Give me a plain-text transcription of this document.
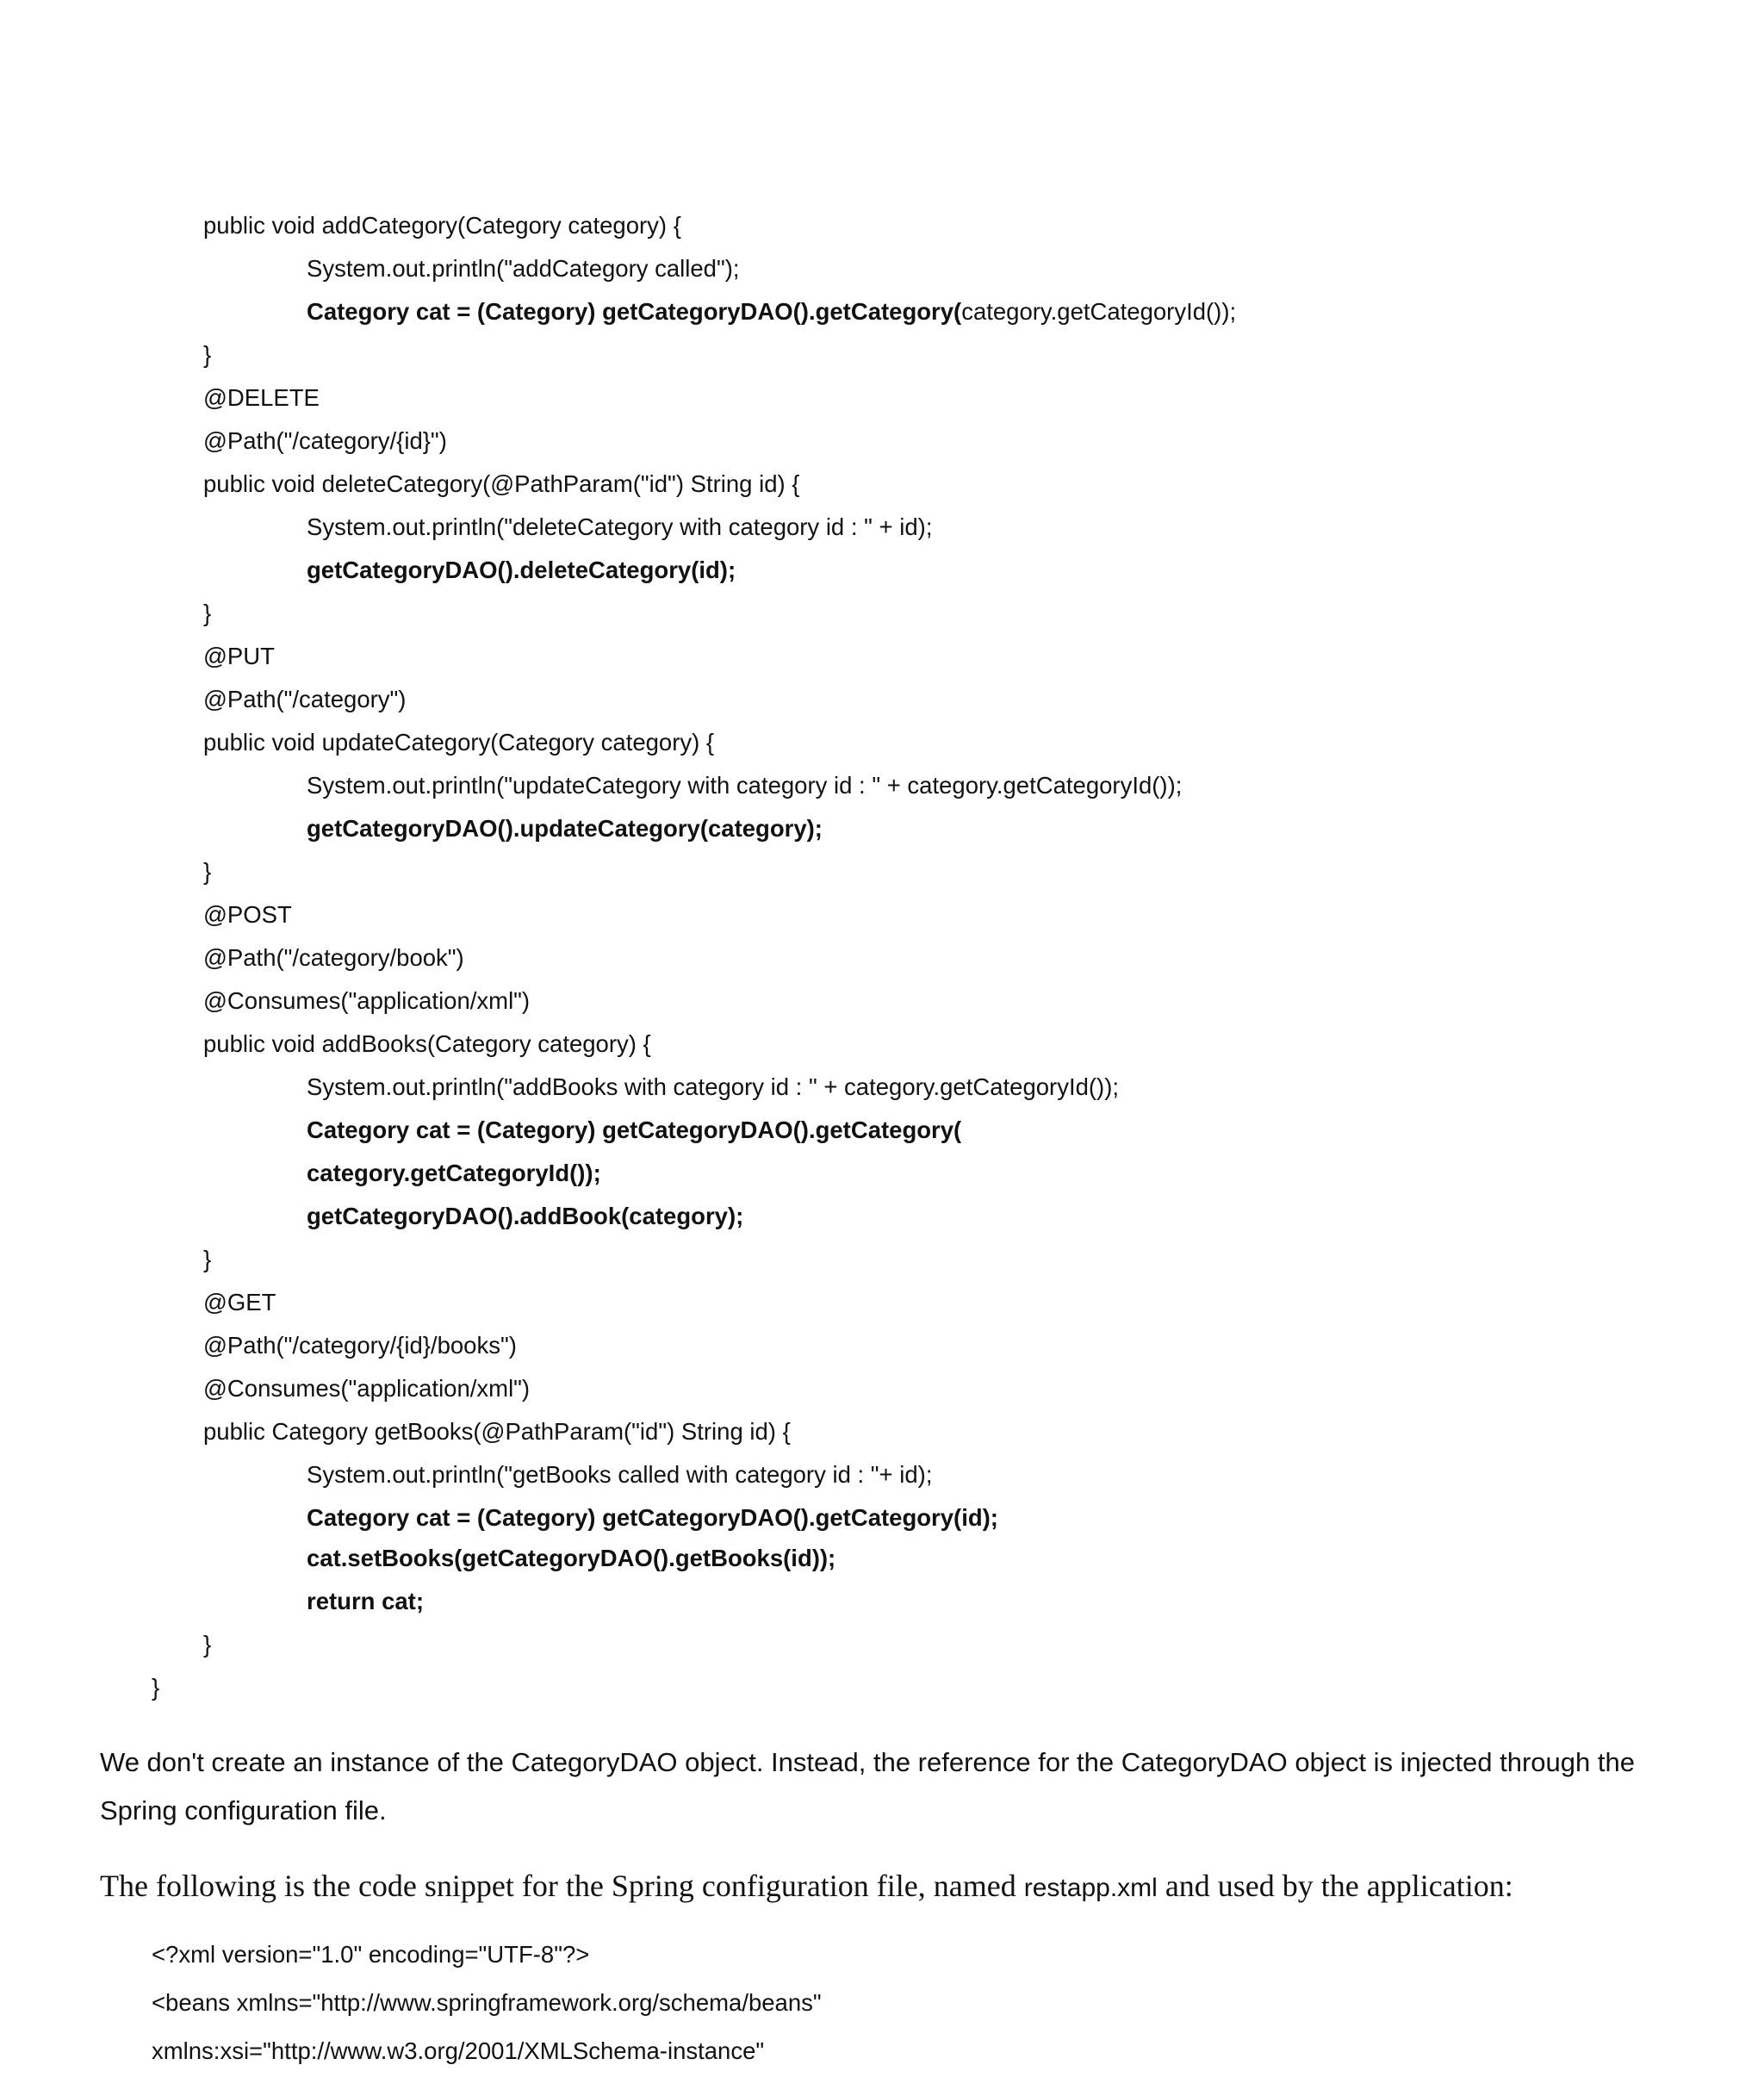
public void addCategory(Category category) {
System.out.println("addCategory called");
Category cat = (Category) getCategoryDAO().getCategory(category.getCategoryId());
}
@DELETE
@Path("/category/{id}")
public void deleteCategory(@PathParam("id") String id) {
System.out.println("deleteCategory with category id : " + id);
getCategoryDAO().deleteCategory(id);
}
@PUT
@Path("/category")
public void updateCategory(Category category) {
System.out.println("updateCategory with category id : " + category.getCategoryId());
getCategoryDAO().updateCategory(category);
}
@POST
@Path("/category/book")
@Consumes("application/xml")
public void addBooks(Category category) {
System.out.println("addBooks with category id : " + category.getCategoryId());
Category cat = (Category) getCategoryDAO().getCategory(
category.getCategoryId());
getCategoryDAO().addBook(category);
}
@GET
@Path("/category/{id}/books")
@Consumes("application/xml")
public Category getBooks(@PathParam("id") String id) {
System.out.println("getBooks called with category id : "+ id);
Category cat = (Category) getCategoryDAO().getCategory(id);
cat.setBooks(getCategoryDAO().getBooks(id));
return cat;
}
}

We don't create an instance of the CategoryDAO object. Instead, the reference for the CategoryDAO object is injected through the Spring configuration file.

The following is the code snippet for the Spring configuration file, named restapp.xml and used by the application:

<?xml version="1.0" encoding="UTF-8"?>
<beans xmlns="http://www.springframework.org/schema/beans"
xmlns:xsi="http://www.w3.org/2001/XMLSchema-instance"
